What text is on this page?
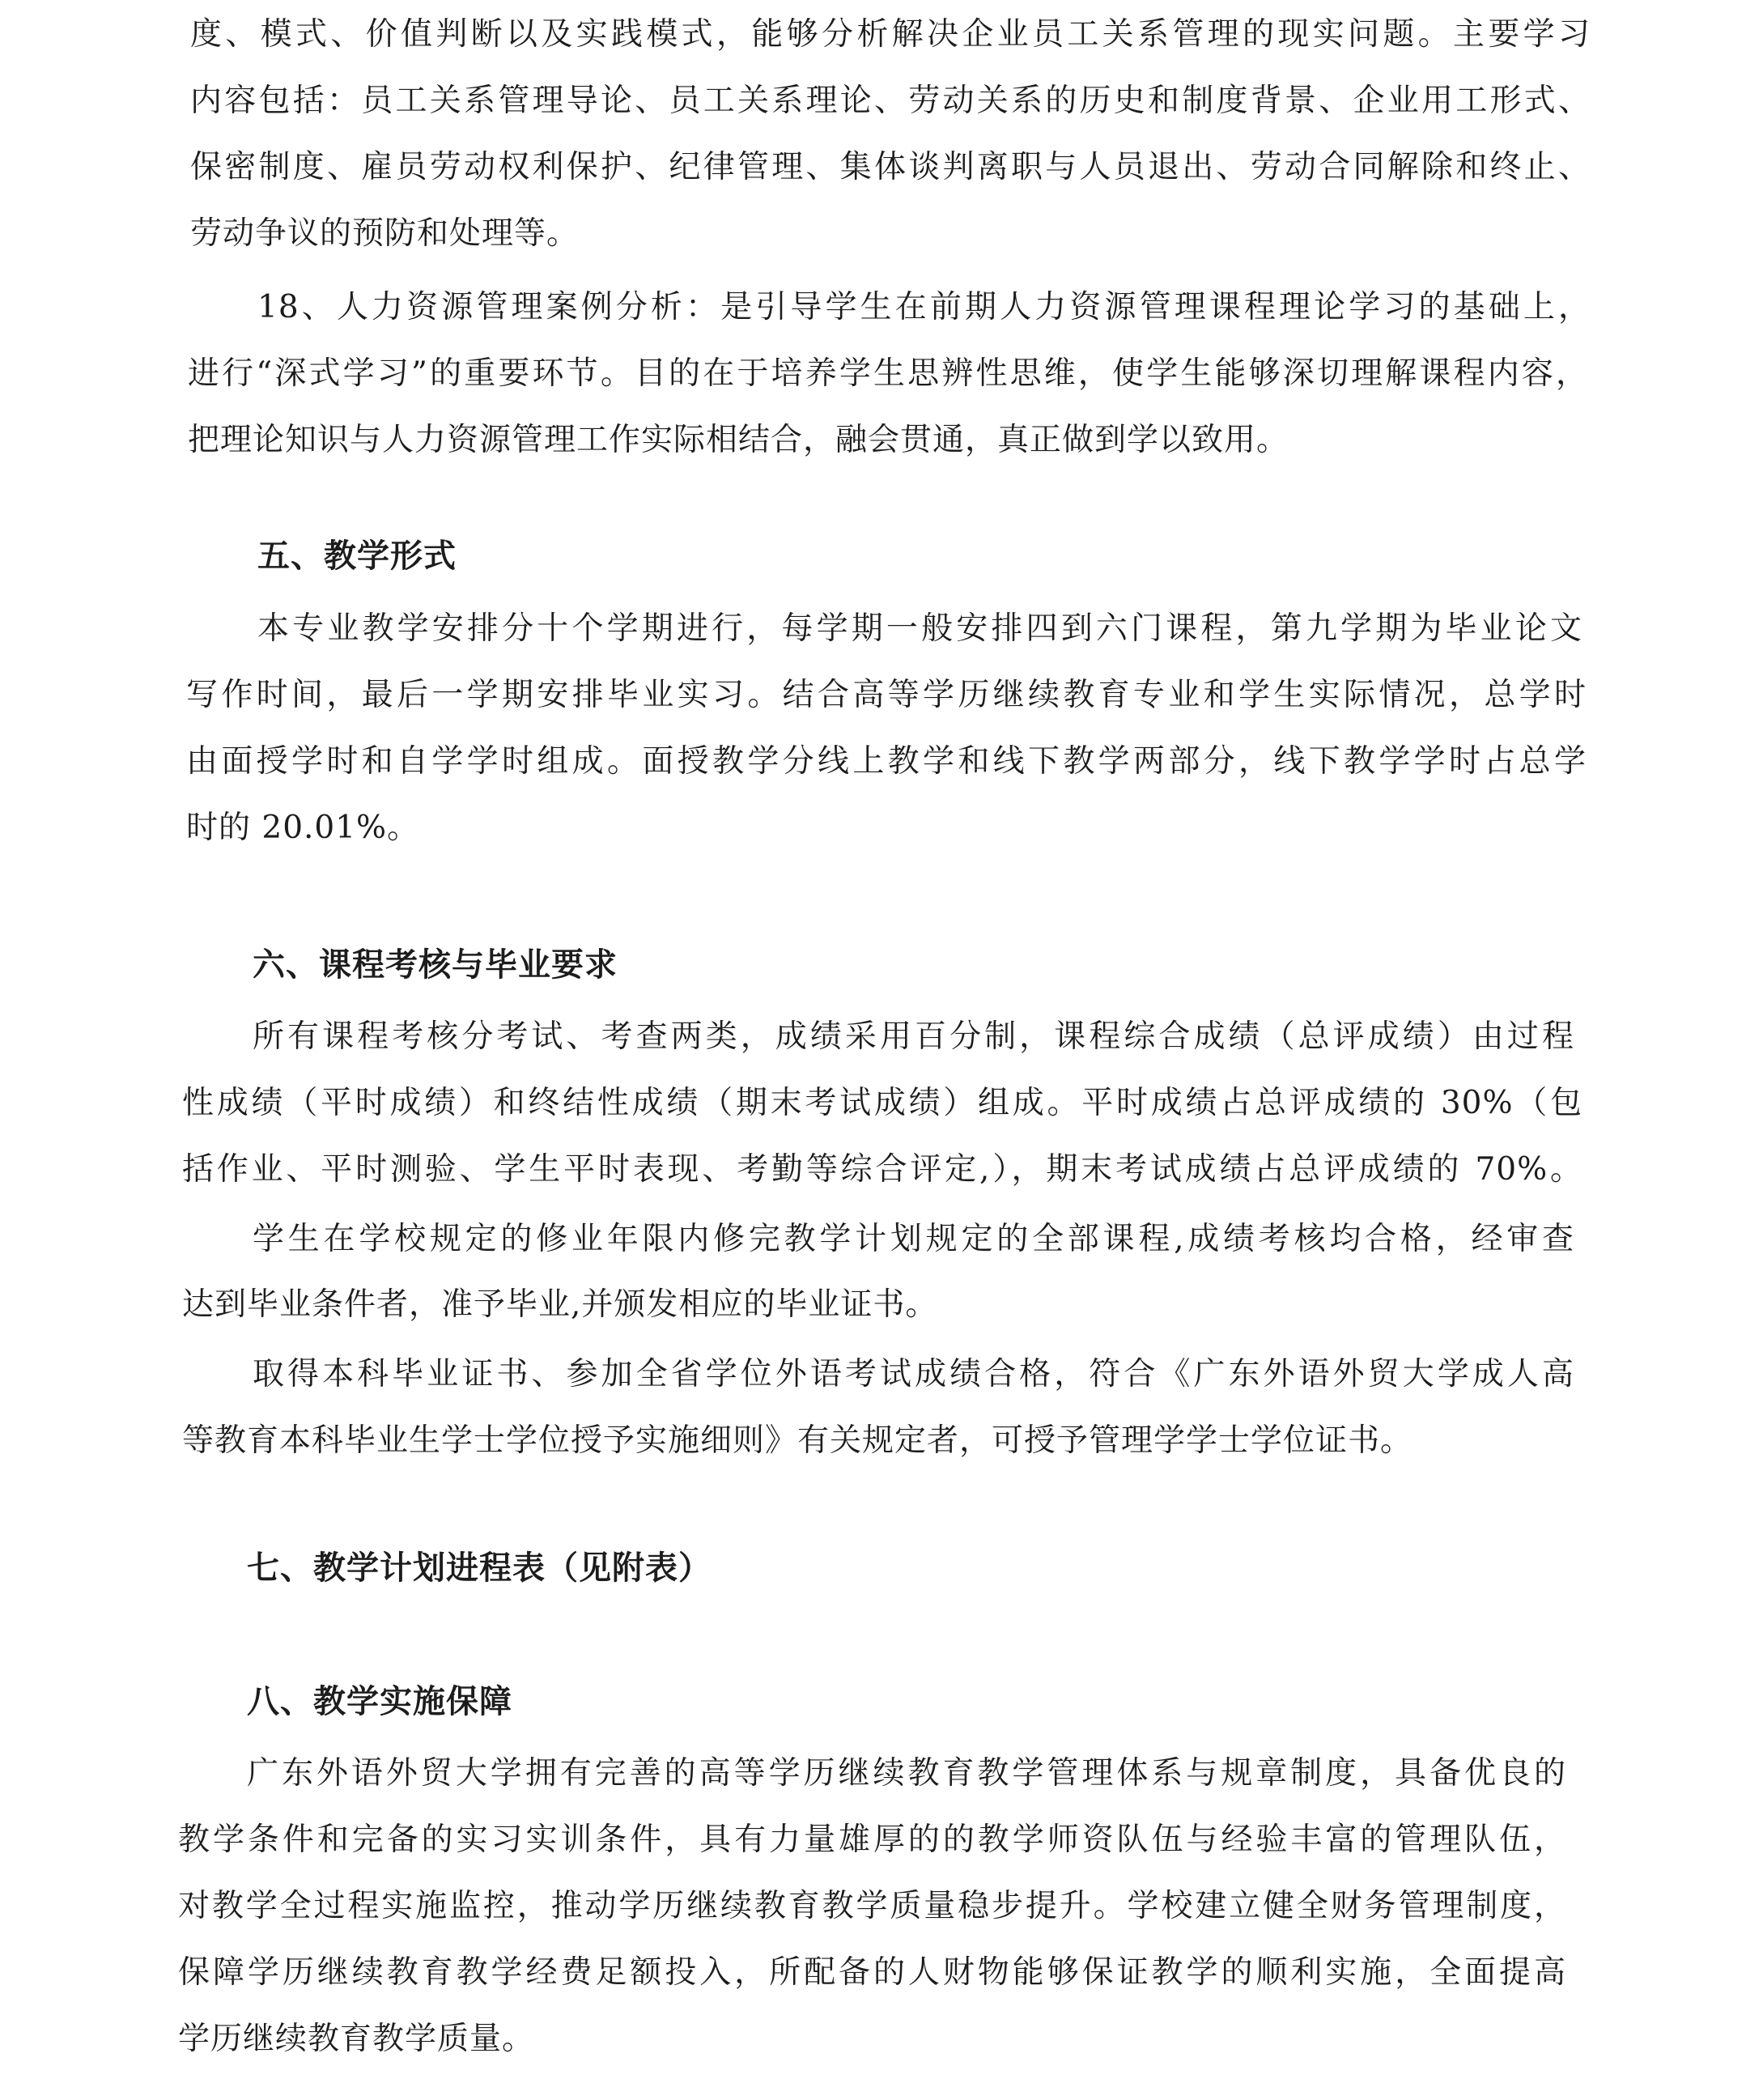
度、模式、价值判断以及实践模式，能够分析解决企业员工关系管理的现实问题。主要学习
内容包括：员工关系管理导论、员工关系理论、劳动关系的历史和制度背景、企业用工形式、
保密制度、雇员劳动权利保护、纪律管理、集体谈判离职与人员退出、劳动合同解除和终止、
劳动争议的预防和处理等。
18、人力资源管理案例分析：是引导学生在前期人力资源管理课程理论学习的基础上，
进行“深式学习”的重要环节。目的在于培养学生思辨性思维，使学生能够深切理解课程内容，
把理论知识与人力资源管理工作实际相结合，融会贯通，真正做到学以致用。
五、教学形式
本专业教学安排分十个学期进行，每学期一般安排四到六门课程，第九学期为毕业论文
写作时间，最后一学期安排毕业实习。结合高等学历继续教育专业和学生实际情况，总学时
由面授学时和自学学时组成。面授教学分线上教学和线下教学两部分，线下教学学时占总学
时的 20.01%。
六、课程考核与毕业要求
所有课程考核分考试、考查两类，成绩采用百分制，课程综合成绩（总评成绩）由过程
性成绩（平时成绩）和终结性成绩（期末考试成绩）组成。平时成绩占总评成绩的 30%（包
括作业、平时测验、学生平时表现、考勤等综合评定,），期末考试成绩占总评成绩的 70%。
学生在学校规定的修业年限内修完教学计划规定的全部课程,成绩考核均合格，经审查
达到毕业条件者，准予毕业,并颁发相应的毕业证书。
取得本科毕业证书、参加全省学位外语考试成绩合格，符合《广东外语外贸大学成人高
等教育本科毕业生学士学位授予实施细则》有关规定者，可授予管理学学士学位证书。
七、教学计划进程表（见附表）
八、教学实施保障
广东外语外贸大学拥有完善的高等学历继续教育教学管理体系与规章制度，具备优良的
教学条件和完备的实习实训条件，具有力量雄厚的的教学师资队伍与经验丰富的管理队伍，
对教学全过程实施监控，推动学历继续教育教学质量稳步提升。学校建立健全财务管理制度，
保障学历继续教育教学经费足额投入，所配备的人财物能够保证教学的顺利实施，全面提高
学历继续教育教学质量。
